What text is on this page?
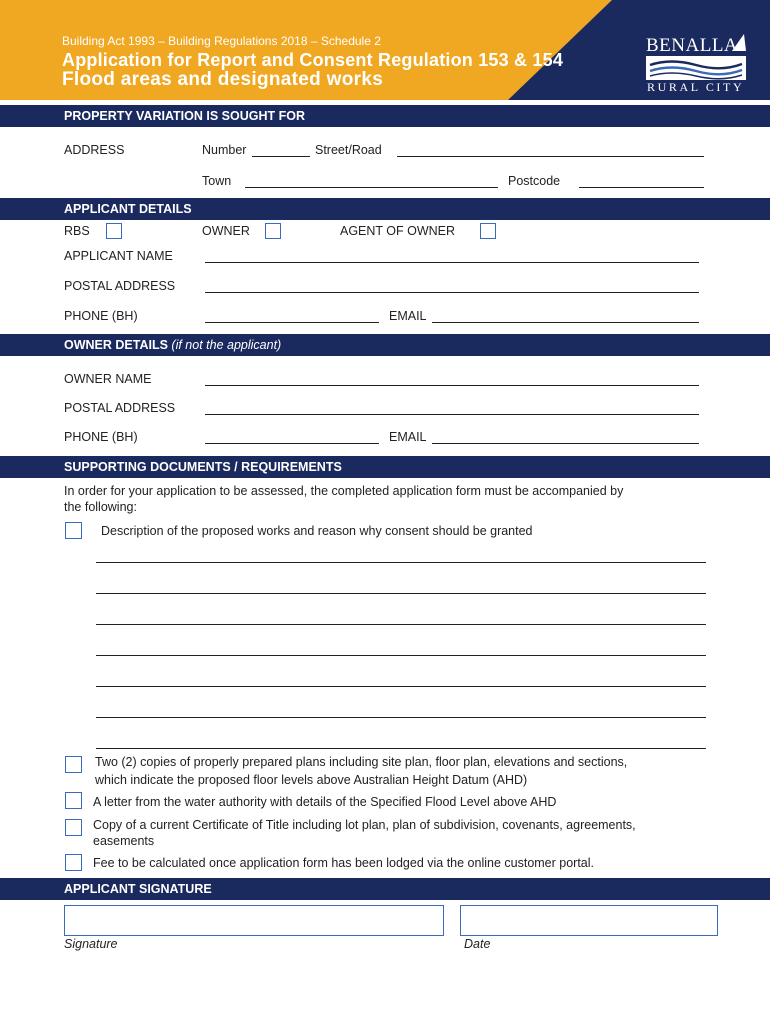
Building Act 1993 – Building Regulations 2018 – Schedule 2
Application for Report and Consent Regulation 153 & 154
Flood areas and designated works
BENALLA
RURAL CITY
PROPERTY VARIATION IS SOUGHT FOR
ADDRESS	Number	Street/Road
Town	Postcode
APPLICANT DETAILS
RBS	OWNER	AGENT OF OWNER
APPLICANT NAME
POSTAL ADDRESS
PHONE (BH)	EMAIL
OWNER DETAILS (if not the applicant)
OWNER NAME
POSTAL ADDRESS
PHONE (BH)	EMAIL
SUPPORTING DOCUMENTS / REQUIREMENTS
In order for your application to be assessed, the completed application form must be accompanied by
the following:
Description of the proposed works and reason why consent should be granted
Two (2) copies of properly prepared plans including site plan, floor plan, elevations and sections,
which indicate the proposed floor levels above Australian Height Datum (AHD)
A letter from the water authority with details of the Specified Flood Level above AHD
Copy of a current Certificate of Title including lot plan, plan of subdivision, covenants, agreements,
easements
Fee to be calculated once application form has been lodged via the online customer portal.
APPLICANT SIGNATURE
Signature	Date
